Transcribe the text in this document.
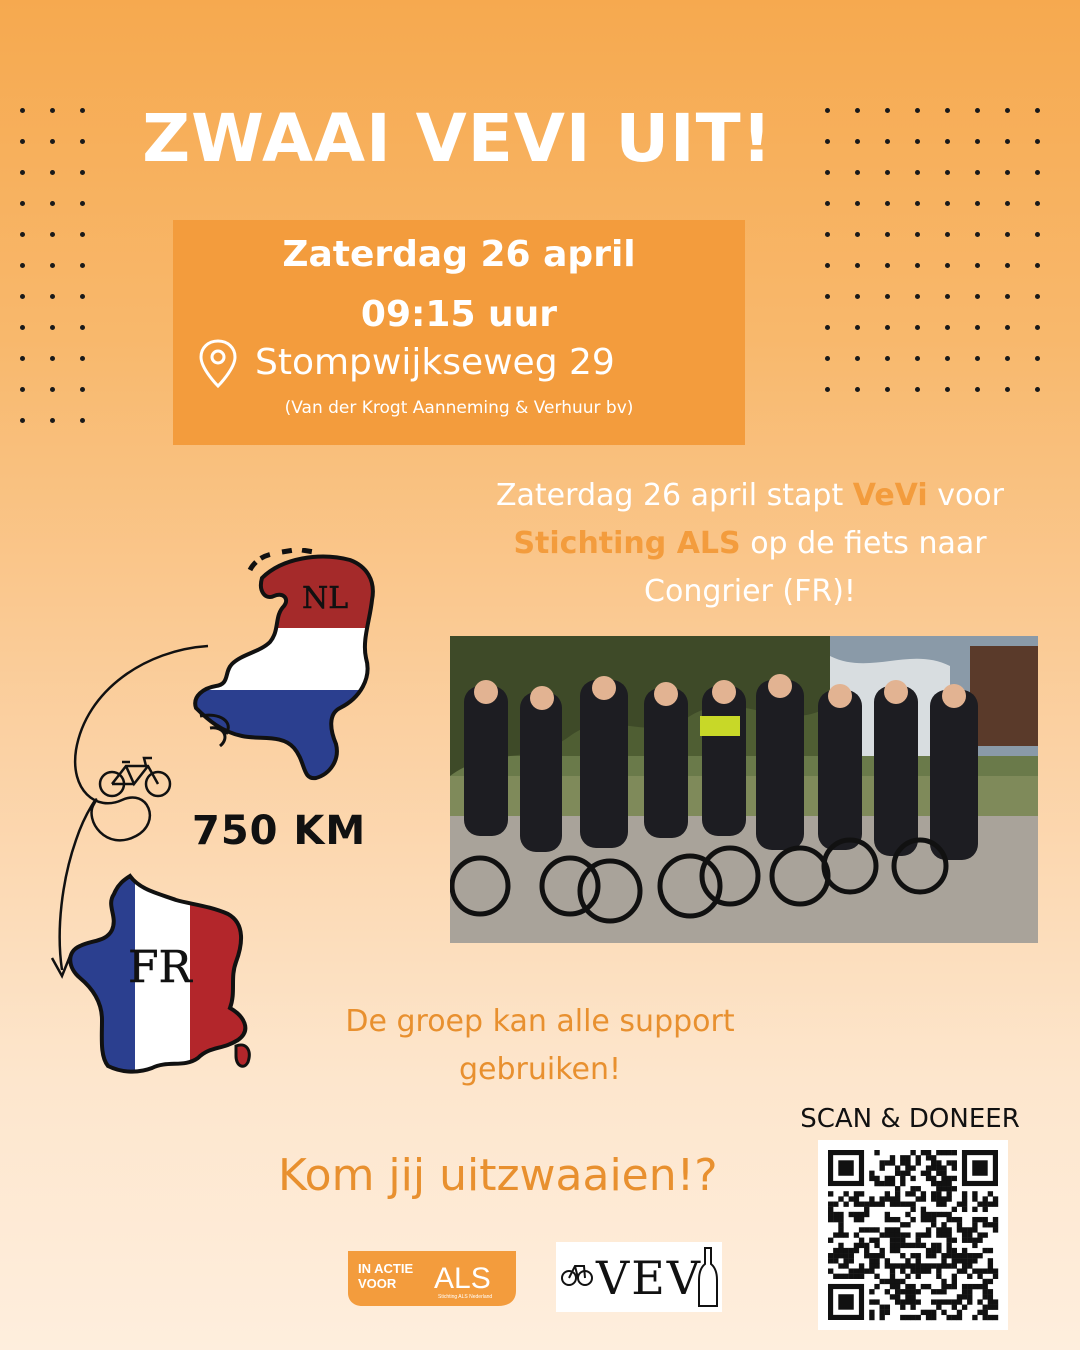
ZWAAI VEVI UIT!
Zaterdag 26 april
09:15 uur
Stompwijkseweg 29
(Van der Krogt Aanneming & Verhuur bv)
Zaterdag 26 april stapt VeVi voor
Stichting ALS op de fiets naar
Congrier (FR)!
NL
750 KM
FR
De groep kan alle support gebruiken!
SCAN & DONEER
Kom jij uitzwaaien!?
IN ACTIE
VOOR ALS
Stichting ALS Nederland VEV
